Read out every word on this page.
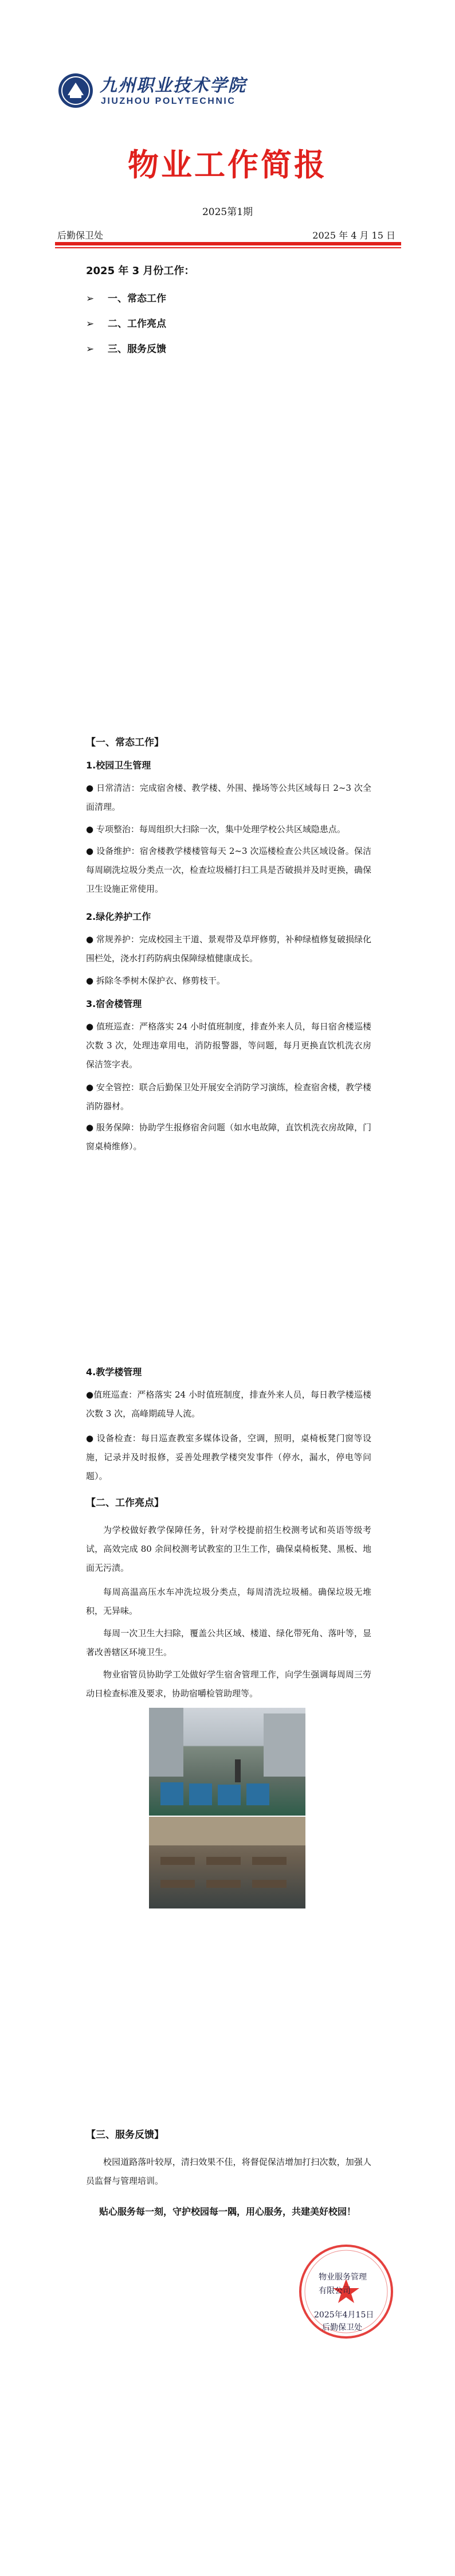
九州职业技术学院
JIUZHOU POLYTECHNIC
物业工作简报
2025第1期
后勤保卫处	2025 年 4 月 15 日
2025 年 3 月份工作：
➢ 一、常态工作
➢ 二、工作亮点
➢ 三、服务反馈
【一、常态工作】
1.校园卫生管理
● 日常清洁：完成宿舍楼、教学楼、外围、操场等公共区域每日 2~3 次全面清理。
● 专项整治：每周组织大扫除一次，集中处理学校公共区域隐患点。
● 设备维护：宿舍楼教学楼楼管每天 2~3 次巡楼检查公共区域设备。保洁每周刷洗垃圾分类点一次，检查垃圾桶打扫工具是否破损并及时更换，确保卫生设施正常使用。
2.绿化养护工作
● 常规养护：完成校园主干道、景观带及草坪修剪，补种绿植修复破损绿化围栏处，浇水打药防病虫保障绿植健康成长。
● 拆除冬季树木保护衣、修剪枝干。
3.宿舍楼管理
● 值班巡查：严格落实 24 小时值班制度，排查外来人员，每日宿舍楼巡楼次数 3 次，处理违章用电，消防报警器，等问题，每月更换直饮机洗衣房保洁签字表。
● 安全管控：联合后勤保卫处开展安全消防学习演练，检查宿舍楼，教学楼消防器材。
● 服务保障：协助学生报修宿舍问题（如水电故障，直饮机洗衣房故障，门窗桌椅维修）。
4.教学楼管理
●值班巡查：严格落实 24 小时值班制度，排查外来人员，每日教学楼巡楼次数 3 次，高峰期疏导人流。
● 设备检查：每日巡查教室多媒体设备，空调，照明，桌椅板凳门窗等设施，记录并及时报修，妥善处理教学楼突发事件（停水，漏水，停电等问题）。
【二、工作亮点】
为学校做好教学保障任务，针对学校提前招生校测考试和英语等级考试，高效完成 80 余间校测考试教室的卫生工作，确保桌椅板凳、黑板、地面无污渍。
每周高温高压水车冲洗垃圾分类点，每周清洗垃圾桶。确保垃圾无堆积，无异味。
每周一次卫生大扫除，覆盖公共区域、楼道、绿化带死角、落叶等，显著改善辖区环境卫生。
物业宿管员协助学工处做好学生宿舍管理工作，向学生强调每周周三劳动日检查标准及要求，协助宿嚼检管助理等。
【三、服务反馈】
校园道路落叶较厚，清扫效果不佳，将督促保洁增加打扫次数，加强人员监督与管理培训。
贴心服务每一刻，守护校园每一隅，用心服务，共建美好校园！
物业服务管理
有限公司
2025年4月15日
后勤保卫处
